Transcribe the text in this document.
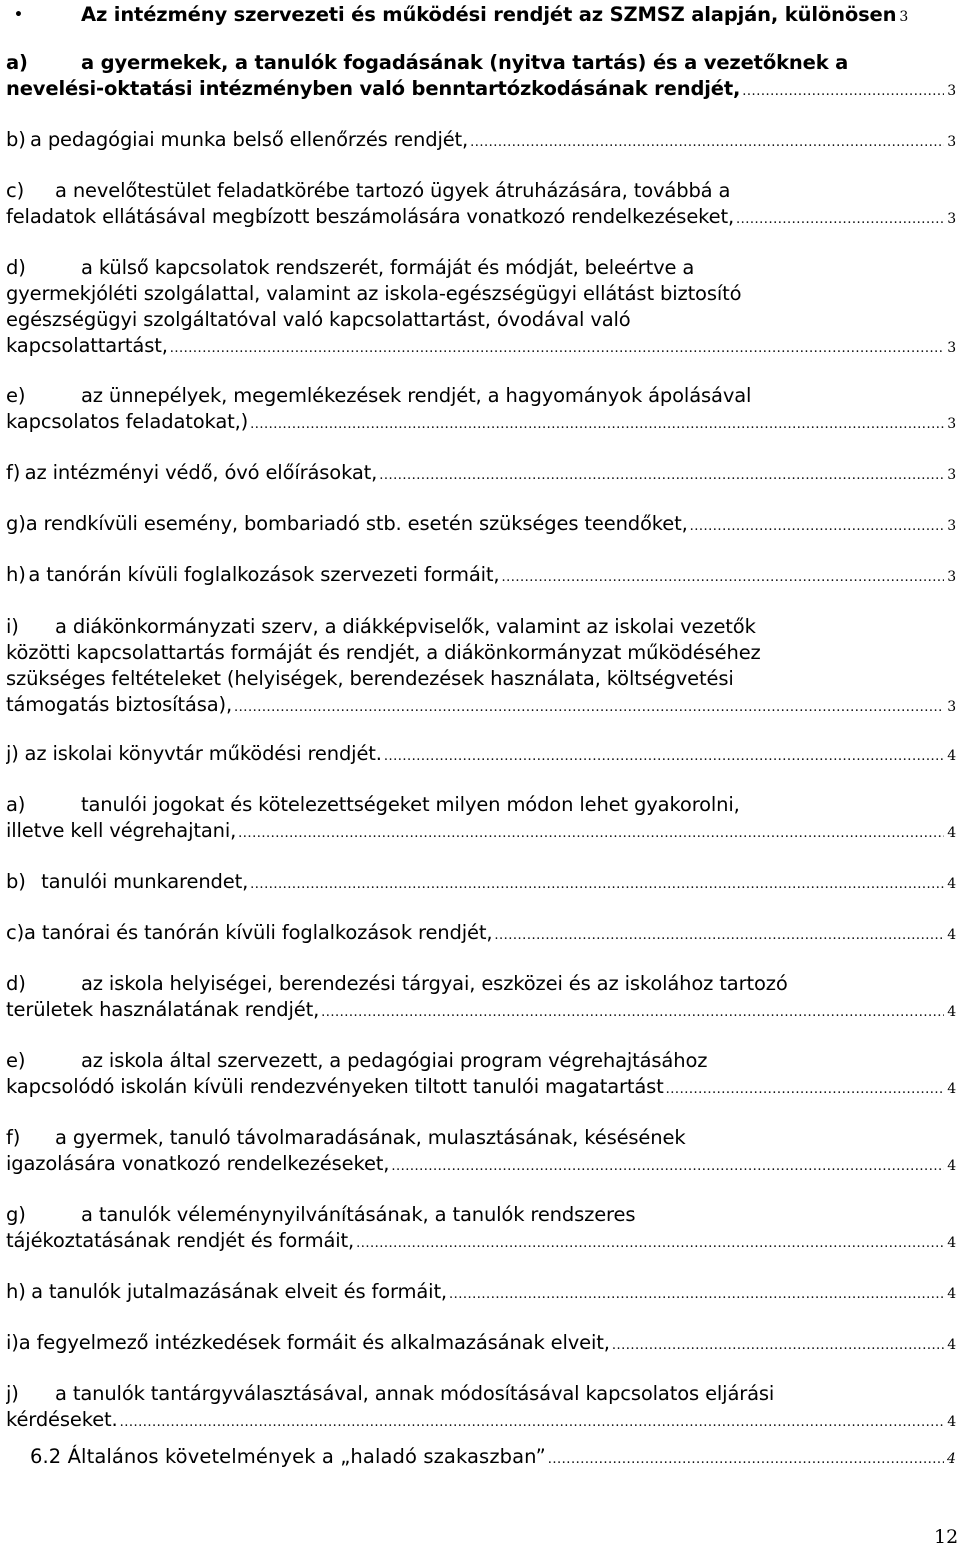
•	Az intézmény szervezeti és működési rendjét az SZMSZ alapján, különösen 3
a)	a gyermekek, a tanulók fogadásának (nyitva tartás) és a vezetőknek a
nevelési-oktatási intézményben való benntartózkodásának rendjét, .....	3
b) a pedagógiai munka belső ellenőrzés rendjét, .....	3
c) a nevelőtestület feladatkörébe tartozó ügyek átruházására, továbbá a
feladatok ellátásával megbízott beszámolására vonatkozó rendelkezéseket, .....	3
d)	a külső kapcsolatok rendszerét, formáját és módját, beleértve a
gyermekjóléti szolgálattal, valamint az iskola-egészségügyi ellátást biztosító
egészségügyi szolgáltatóval való kapcsolattartást, óvodával való
kapcsolattartást, .....	3
e)	az ünnepélyek, megemlékezések rendjét, a hagyományok ápolásával
kapcsolatos feladatokat,) .....	3
f) az intézményi védő, óvó előírásokat, .....	3
g) a rendkívüli esemény, bombariadó stb. esetén szükséges teendőket, .....	3
h) a tanórán kívüli foglalkozások szervezeti formáit, .....	3
i) a diákönkormányzati szerv, a diákképviselők, valamint az iskolai vezetők
közötti kapcsolattartás formáját és rendjét, a diákönkormányzat működéséhez
szükséges feltételeket (helyiségek, berendezések használata, költségvetési
támogatás biztosítása), .....	3
j) az iskolai könyvtár működési rendjét. .....	4
a)	tanulói jogokat és kötelezettségeket milyen módon lehet gyakorolni,
illetve kell végrehajtani, .....	4
b) tanulói munkarendet, .....	4
c) a tanórai és tanórán kívüli foglalkozások rendjét, .....	4
d)	az iskola helyiségei, berendezési tárgyai, eszközei és az iskolához tartozó
területek használatának rendjét, .....	4
e)	az iskola által szervezett, a pedagógiai program végrehajtásához
kapcsolódó iskolán kívüli rendezvényeken tiltott tanulói magatartást .....	4
f) a gyermek, tanuló távolmaradásának, mulasztásának, késésének
igazolására vonatkozó rendelkezéseket, .....	4
g)	a tanulók véleménynyilvánításának, a tanulók rendszeres
tájékoztatásának rendjét és formáit, .....	4
h) a tanulók jutalmazásának elveit és formáit, .....	4
i) a fegyelmező intézkedések formáit és alkalmazásának elveit, .....	4
j) a tanulók tantárgyválasztásával, annak módosításával kapcsolatos eljárási
kérdéseket. .....	4
6.2 Általános követelmények a „haladó szakaszban” .....	4
12
